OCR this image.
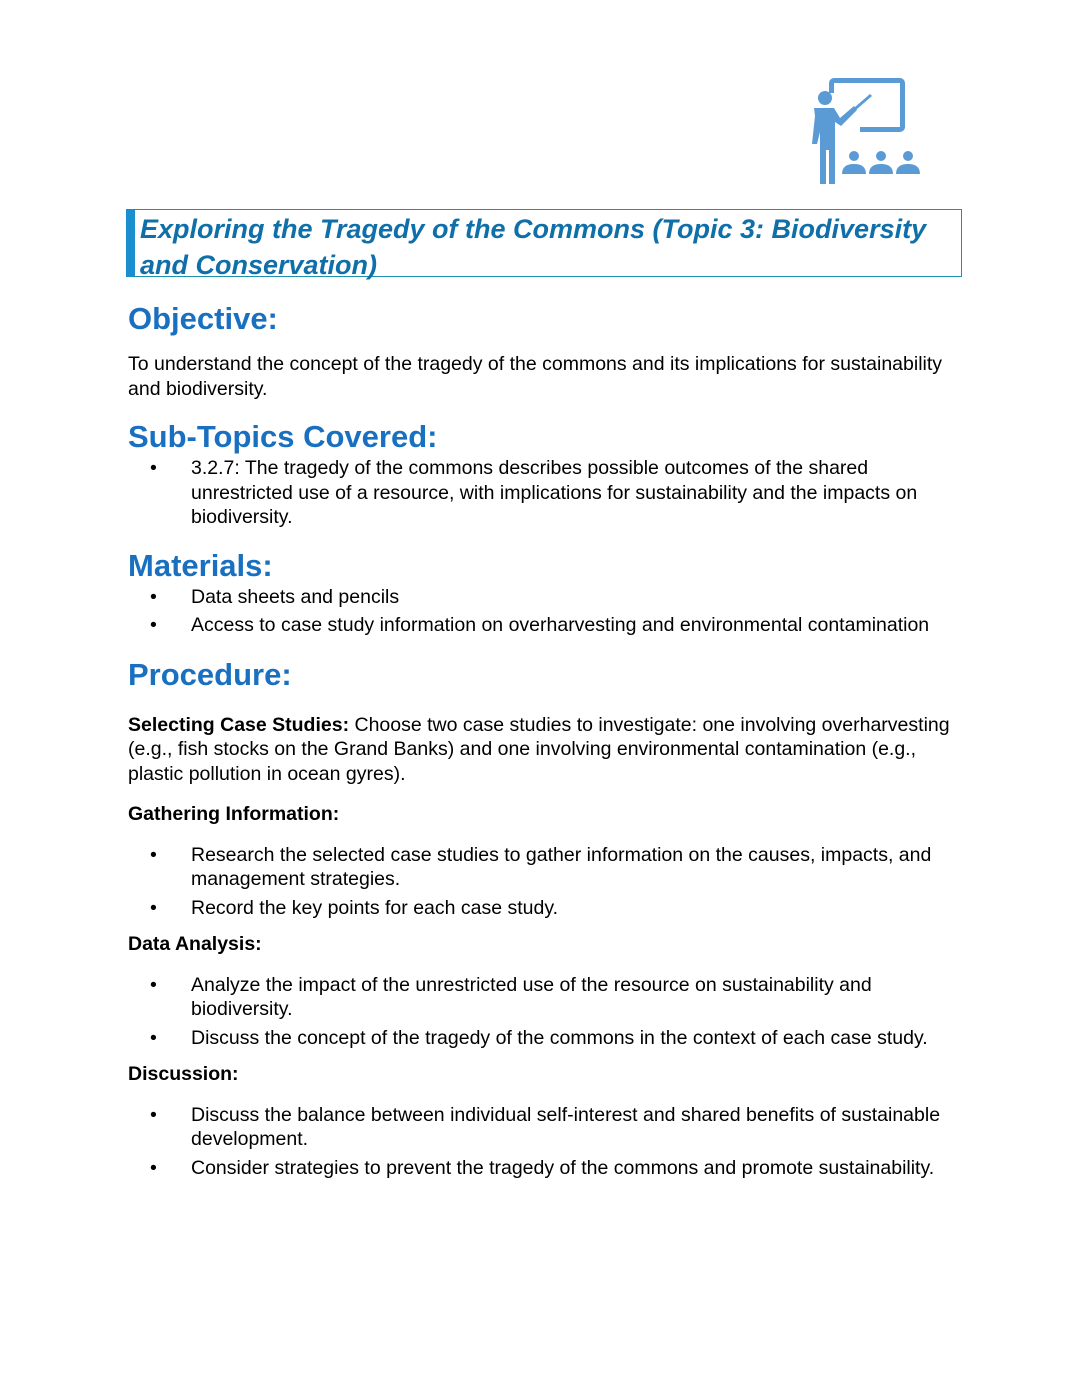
Exploring the Tragedy of the Commons (Topic 3: Biodiversity and Conservation)
Objective:

To understand the concept of the tragedy of the commons and its implications for sustainability and biodiversity.

Sub-Topics Covered:
• 3.2.7: The tragedy of the commons describes possible outcomes of the shared unrestricted use of a resource, with implications for sustainability and the impacts on biodiversity.
Materials:
• Data sheets and pencils
• Access to case study information on overharvesting and environmental contamination
Procedure:

Selecting Case Studies: Choose two case studies to investigate: one involving overharvesting (e.g., fish stocks on the Grand Banks) and one involving environmental contamination (e.g., plastic pollution in ocean gyres).

Gathering Information:
• Research the selected case studies to gather information on the causes, impacts, and management strategies.
• Record the key points for each case study.
Data Analysis:
• Analyze the impact of the unrestricted use of the resource on sustainability and biodiversity.
• Discuss the concept of the tragedy of the commons in the context of each case study.
Discussion:
• Discuss the balance between individual self-interest and shared benefits of sustainable development.
• Consider strategies to prevent the tragedy of the commons and promote sustainability.
